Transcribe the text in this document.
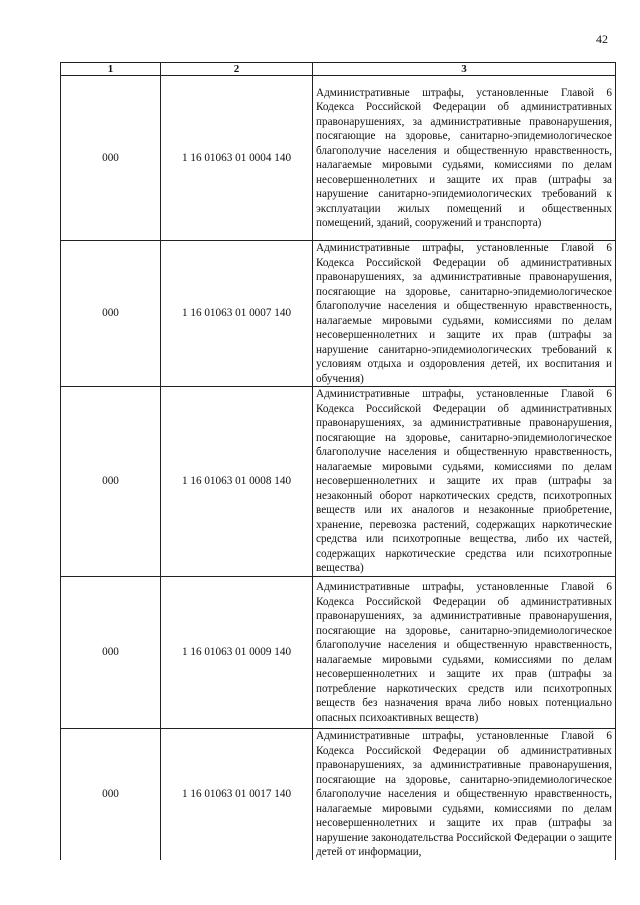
42
1	2	3
000	1 16 01063 01 0004 140	Административные штрафы, установленные Главой 6 Кодекса Российской Федерации об административных правонарушениях, за административные правонарушения, посягающие на здоровье, санитарно-эпидемиологическое благополучие населения и общественную нравственность, налагаемые мировыми судьями, комиссиями по делам несовершеннолетних и защите их прав (штрафы за нарушение санитарно-эпидемиологических требований к эксплуатации жилых помещений и общественных помещений, зданий, сооружений и транспорта)
000	1 16 01063 01 0007 140	Административные штрафы, установленные Главой 6 Кодекса Российской Федерации об административных правонарушениях, за административные правонарушения, посягающие на здоровье, санитарно-эпидемиологическое благополучие населения и общественную нравственность, налагаемые мировыми судьями, комиссиями по делам несовершеннолетних и защите их прав (штрафы за нарушение санитарно-эпидемиологических требований к условиям отдыха и оздоровления детей, их воспитания и обучения)
000	1 16 01063 01 0008 140	Административные штрафы, установленные Главой 6 Кодекса Российской Федерации об административных правонарушениях, за административные правонарушения, посягающие на здоровье, санитарно-эпидемиологическое благополучие населения и общественную нравственность, налагаемые мировыми судьями, комиссиями по делам несовершеннолетних и защите их прав (штрафы за незаконный оборот наркотических средств, психотропных веществ или их аналогов и незаконные приобретение, хранение, перевозка растений, содержащих наркотические средства или психотропные вещества, либо их частей, содержащих наркотические средства или психотропные вещества)
000	1 16 01063 01 0009 140	Административные штрафы, установленные Главой 6 Кодекса Российской Федерации об административных правонарушениях, за административные правонарушения, посягающие на здоровье, санитарно-эпидемиологическое благополучие населения и общественную нравственность, налагаемые мировыми судьями, комиссиями по делам несовершеннолетних и защите их прав (штрафы за потребление наркотических средств или психотропных веществ без назначения врача либо новых потенциально опасных психоактивных веществ)
000	1 16 01063 01 0017 140	Административные штрафы, установленные Главой 6 Кодекса Российской Федерации об административных правонарушениях, за административные правонарушения, посягающие на здоровье, санитарно-эпидемиологическое благополучие населения и общественную нравственность, налагаемые мировыми судьями, комиссиями по делам несовершеннолетних и защите их прав (штрафы за нарушение законодательства Российской Федерации о защите детей от информации,
